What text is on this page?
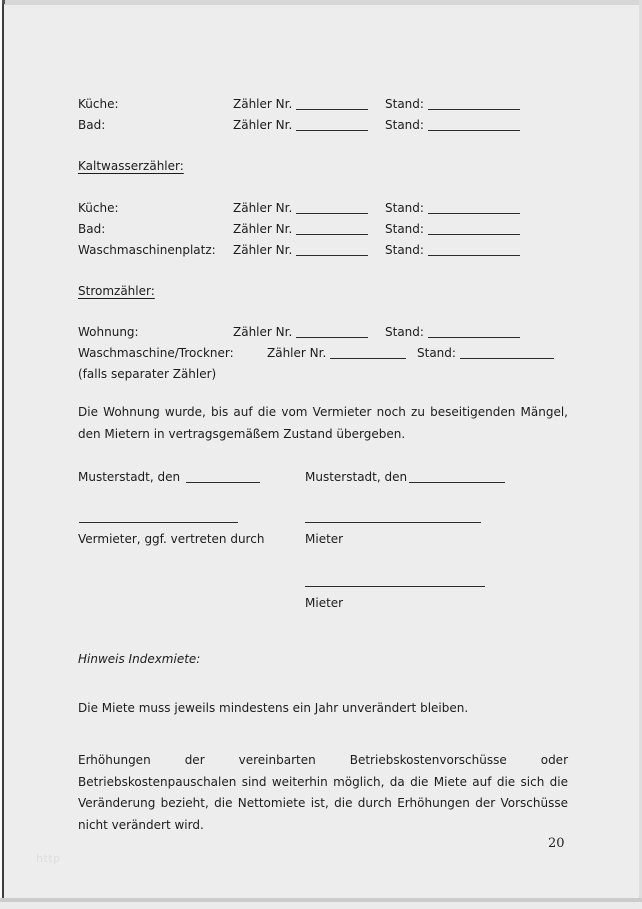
Küche:	Zähler Nr.	Stand:
Bad:	Zähler Nr.	Stand:
Kaltwasserzähler:
Küche:	Zähler Nr.	Stand:
Bad:	Zähler Nr.	Stand:
Waschmaschinenplatz: Zähler Nr.	Stand:
Stromzähler:
Wohnung:	Zähler Nr.	Stand:
Waschmaschine/Trockner:	Zähler Nr.	Stand:
(falls separater Zähler)
Die Wohnung wurde, bis auf die vom Vermieter noch zu beseitigenden Mängel, den Mietern in vertragsgemäßem Zustand übergeben.
Musterstadt, den	Musterstadt, den
Vermieter, ggf. vertreten durch	Mieter
Mieter
Hinweis Indexmiete:
Die Miete muss jeweils mindestens ein Jahr unverändert bleiben.
Erhöhungen der vereinbarten Betriebskostenvorschüsse oder Betriebskostenpauschalen sind weiterhin möglich, da die Miete auf die sich die Veränderung bezieht, die Nettomiete ist, die durch Erhöhungen der Vorschüsse nicht verändert wird.
20
http
